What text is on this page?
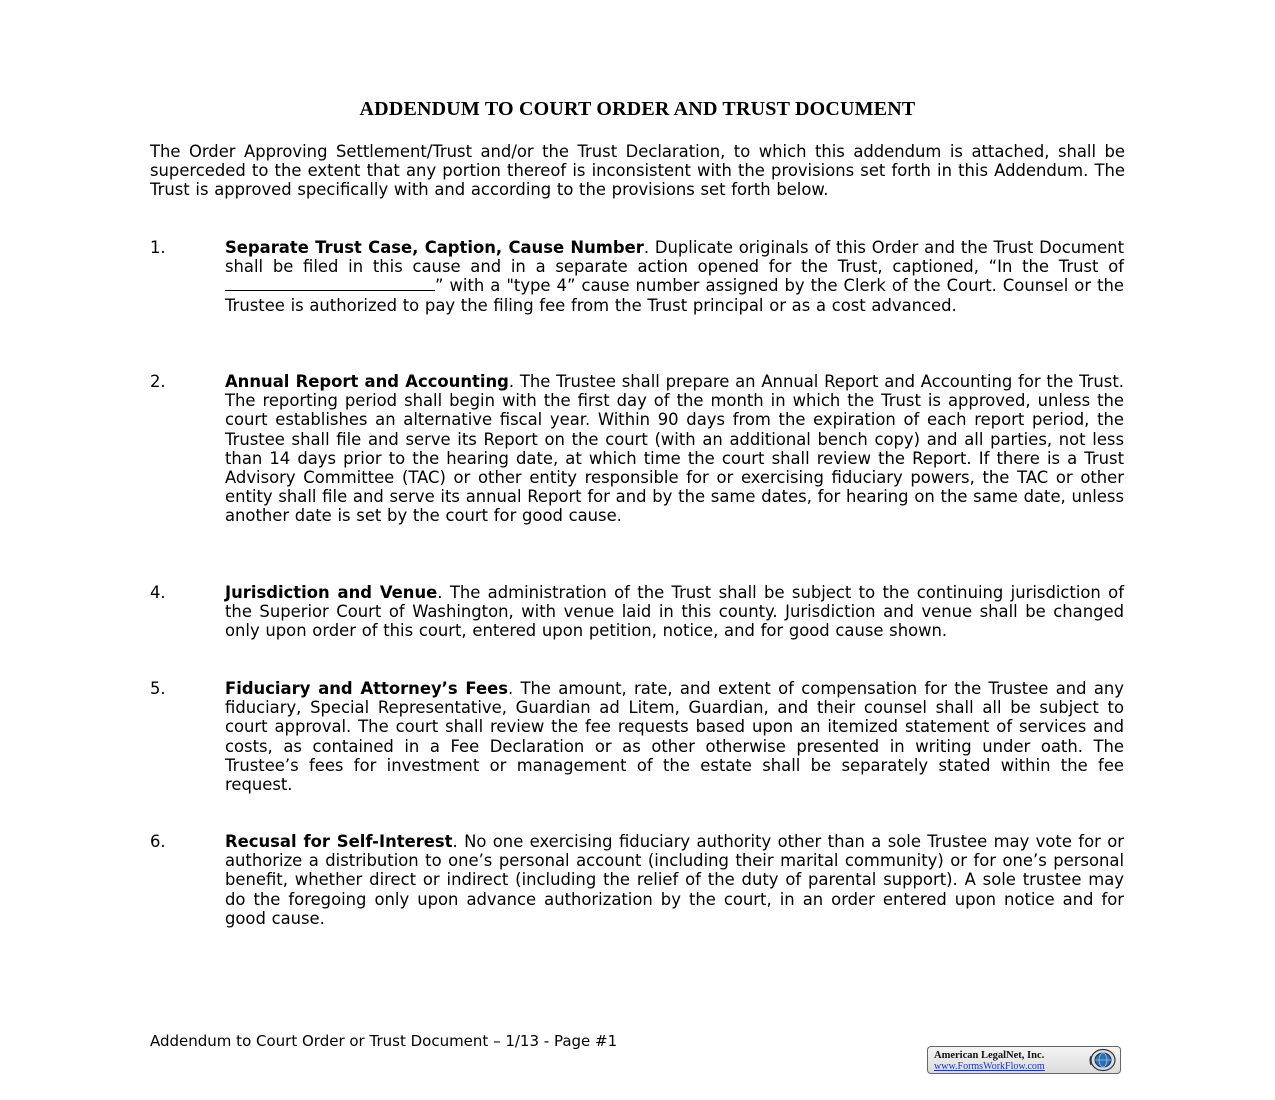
ADDENDUM TO COURT ORDER AND TRUST DOCUMENT
The Order Approving Settlement/Trust and/or the Trust Declaration, to which this addendum is attached, shall be superceded to the extent that any portion thereof is inconsistent with the provisions set forth in this Addendum. The Trust is approved specifically with and according to the provisions set forth below.
1.	Separate Trust Case, Caption, Cause Number. Duplicate originals of this Order and the Trust Document shall be filed in this cause and in a separate action opened for the Trust, captioned, “In the Trust of ” with a "type 4” cause number assigned by the Clerk of the Court. Counsel or the Trustee is authorized to pay the filing fee from the Trust principal or as a cost advanced.
2.	Annual Report and Accounting. The Trustee shall prepare an Annual Report and Accounting for the Trust. The reporting period shall begin with the first day of the month in which the Trust is approved, unless the court establishes an alternative fiscal year. Within 90 days from the expiration of each report period, the Trustee shall file and serve its Report on the court (with an additional bench copy) and all parties, not less than 14 days prior to the hearing date, at which time the court shall review the Report. If there is a Trust Advisory Committee (TAC) or other entity responsible for or exercising fiduciary powers, the TAC or other entity shall file and serve its annual Report for and by the same dates, for hearing on the same date, unless another date is set by the court for good cause.
4.	Jurisdiction and Venue. The administration of the Trust shall be subject to the continuing jurisdiction of the Superior Court of Washington, with venue laid in this county. Jurisdiction and venue shall be changed only upon order of this court, entered upon petition, notice, and for good cause shown.
5.	Fiduciary and Attorney’s Fees. The amount, rate, and extent of compensation for the Trustee and any fiduciary, Special Representative, Guardian ad Litem, Guardian, and their counsel shall all be subject to court approval. The court shall review the fee requests based upon an itemized statement of services and costs, as contained in a Fee Declaration or as other otherwise presented in writing under oath. The Trustee’s fees for investment or management of the estate shall be separately stated within the fee request.
6.	Recusal for Self-Interest. No one exercising fiduciary authority other than a sole Trustee may vote for or authorize a distribution to one’s personal account (including their marital community) or for one’s personal benefit, whether direct or indirect (including the relief of the duty of parental support). A sole trustee may do the foregoing only upon advance authorization by the court, in an order entered upon notice and for good cause.
Addendum to Court Order or Trust Document – 1/13 - Page #1
American LegalNet, Inc.
www.FormsWorkFlow.com
